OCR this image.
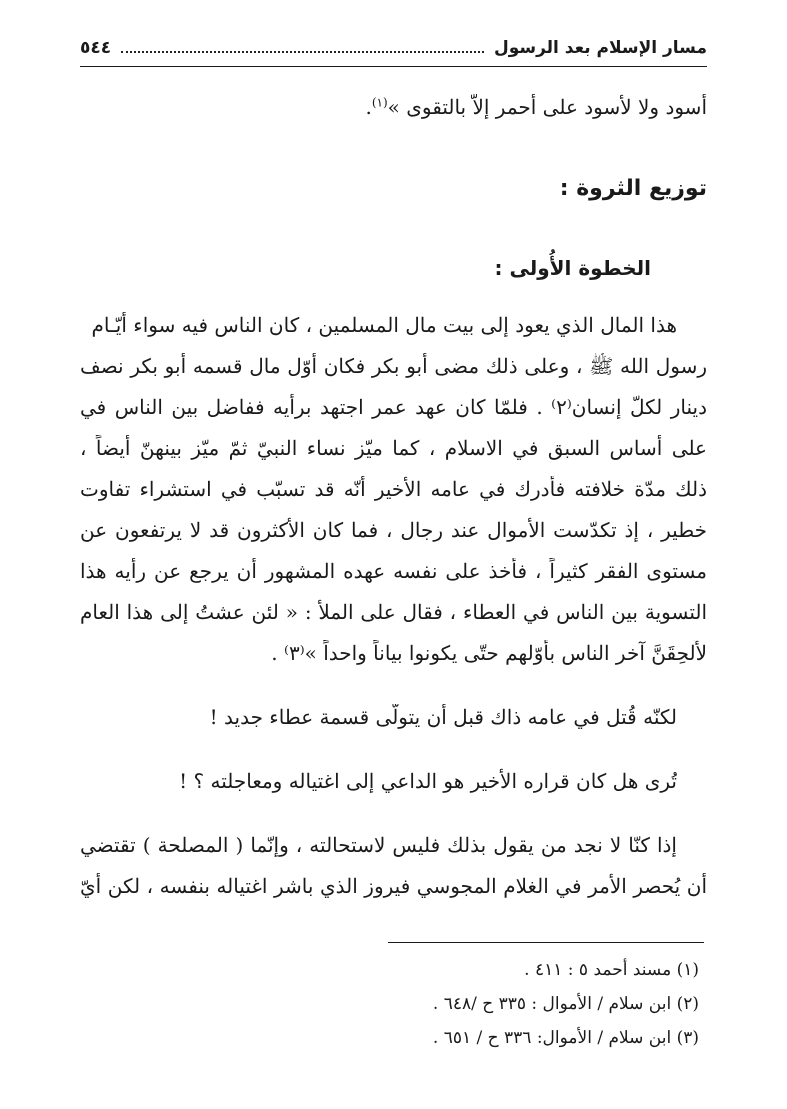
مسار الإسلام بعد الرسول
٥٤٤
أسود ولا لأسود على أحمر إلاّ بالتقوى »$^{(١)}$.
توزيع الثروة :
الخطوة الأُولى :
هذا المال الذي يعود إلى بيت مال المسلمين ، كان الناس فيه سواء أيّـام
رسول الله ﷺ ، وعلى ذلك مضى أبو بكر فكان أوّل مال قسمه أبو بكر نصف
دينار لكلّ إنسان⁽٢⁾ . فلمّا كان عهد عمر اجتهد برأيه ففاضل بين الناس في
على أساس السبق في الاسلام ، كما ميّز نساء النبيّ ثمّ ميّز بينهنّ أيضاً ،
ذلك مدّة خلافته فأدرك في عامه الأخير أنّه قد تسبّب في استشراء تفاوت
خطير ، إذ تكدّست الأموال عند رجال ، فما كان الأكثرون قد لا يرتفعون عن
مستوى الفقر كثيراً ، فأخذ على نفسه عهده المشهور أن يرجع عن رأيه هذا
التسوية بين الناس في العطاء ، فقال على الملأ : « لئن عشتُ إلى هذا العام
لأُلحِقَنَّ آخر الناس بأوّلهم حتّى يكونوا بياناً واحداً »⁽٣⁾ .
لكنّه قُتل في عامه ذاك قبل أن يتولّى قسمة عطاء جديد !
تُرى هل كان قراره الأخير هو الداعي إلى اغتياله ومعاجلته ؟ !
إذا كنّا لا نجد من يقول بذلك فليس لاستحالته ، وإنّما ( المصلحة ) تقتضي
أن يُحصر الأمر في الغلام المجوسي فيروز الذي باشر اغتياله بنفسه ، لكن أيّ
(١) مسند أحمد ٥ : ٤١١ .
(٢) ابن سلام / الأموال : ٣٣٥ ح /٦٤٨ .
(٣) ابن سلام / الأموال: ٣٣٦ ح / ٦٥١ .
